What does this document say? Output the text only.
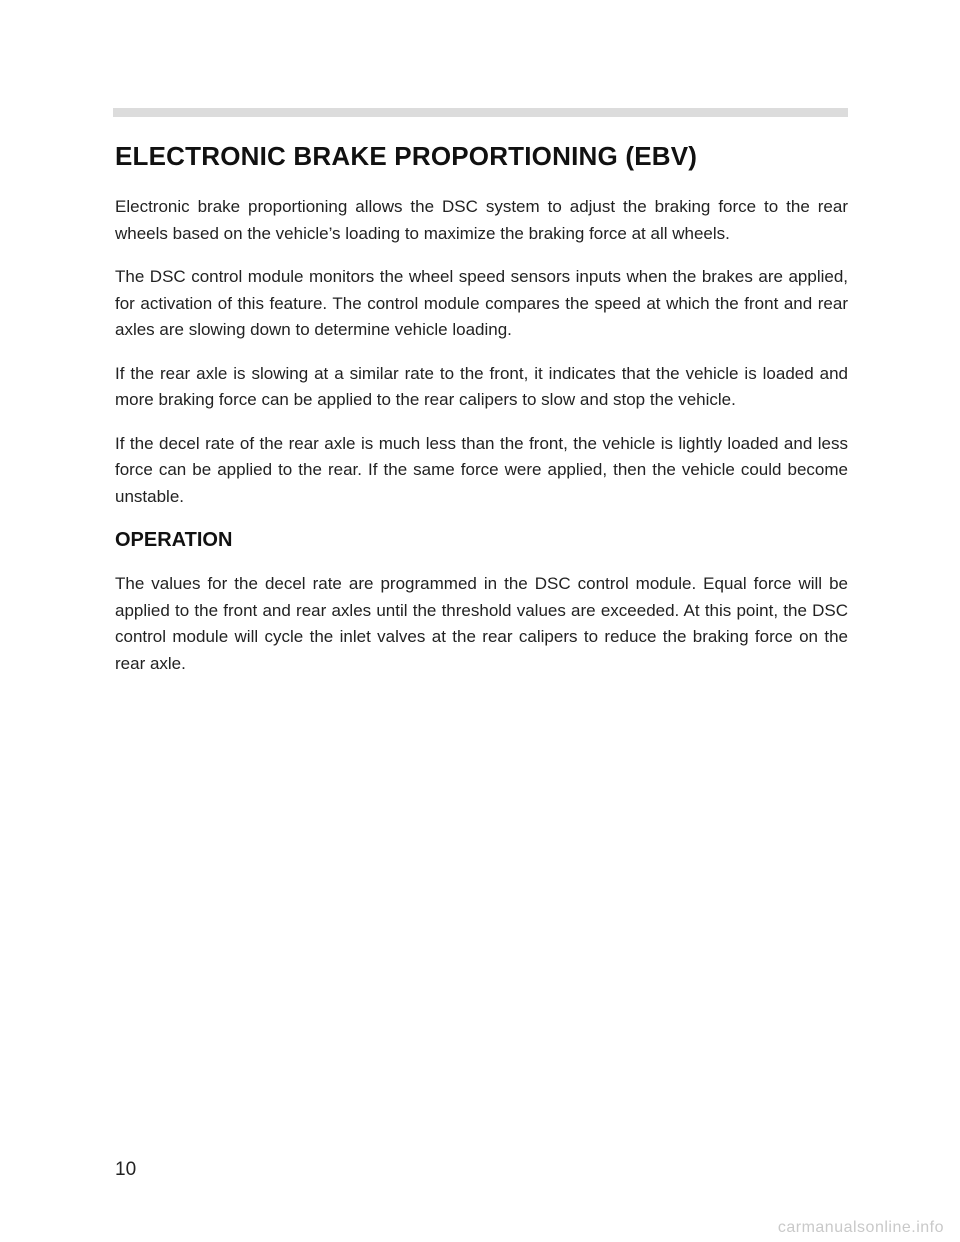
ELECTRONIC BRAKE PROPORTIONING (EBV)

Electronic brake proportioning allows the DSC system to adjust the braking force to the rear wheels based on the vehicle’s loading to maximize the braking force at all wheels.

The DSC control module monitors the wheel speed sensors inputs when the brakes are applied, for activation of this feature. The control module compares the speed at which the front and rear axles are slowing down to determine vehicle loading.

If the rear axle is slowing at a similar rate to the front, it indicates that the vehicle is loaded and more braking force can be applied to the rear calipers to slow and stop the vehicle.

If the decel rate of the rear axle is much less than the front, the vehicle is lightly loaded and less force can be applied to the rear. If the same force were applied, then the vehicle could become unstable.

OPERATION

The values for the decel rate are programmed in the DSC control module. Equal force will be applied to the front and rear axles until the threshold values are exceeded. At this point, the DSC control module will cycle the inlet valves at the rear calipers to reduce the braking force on the rear axle.

10
carmanualsonline.info
